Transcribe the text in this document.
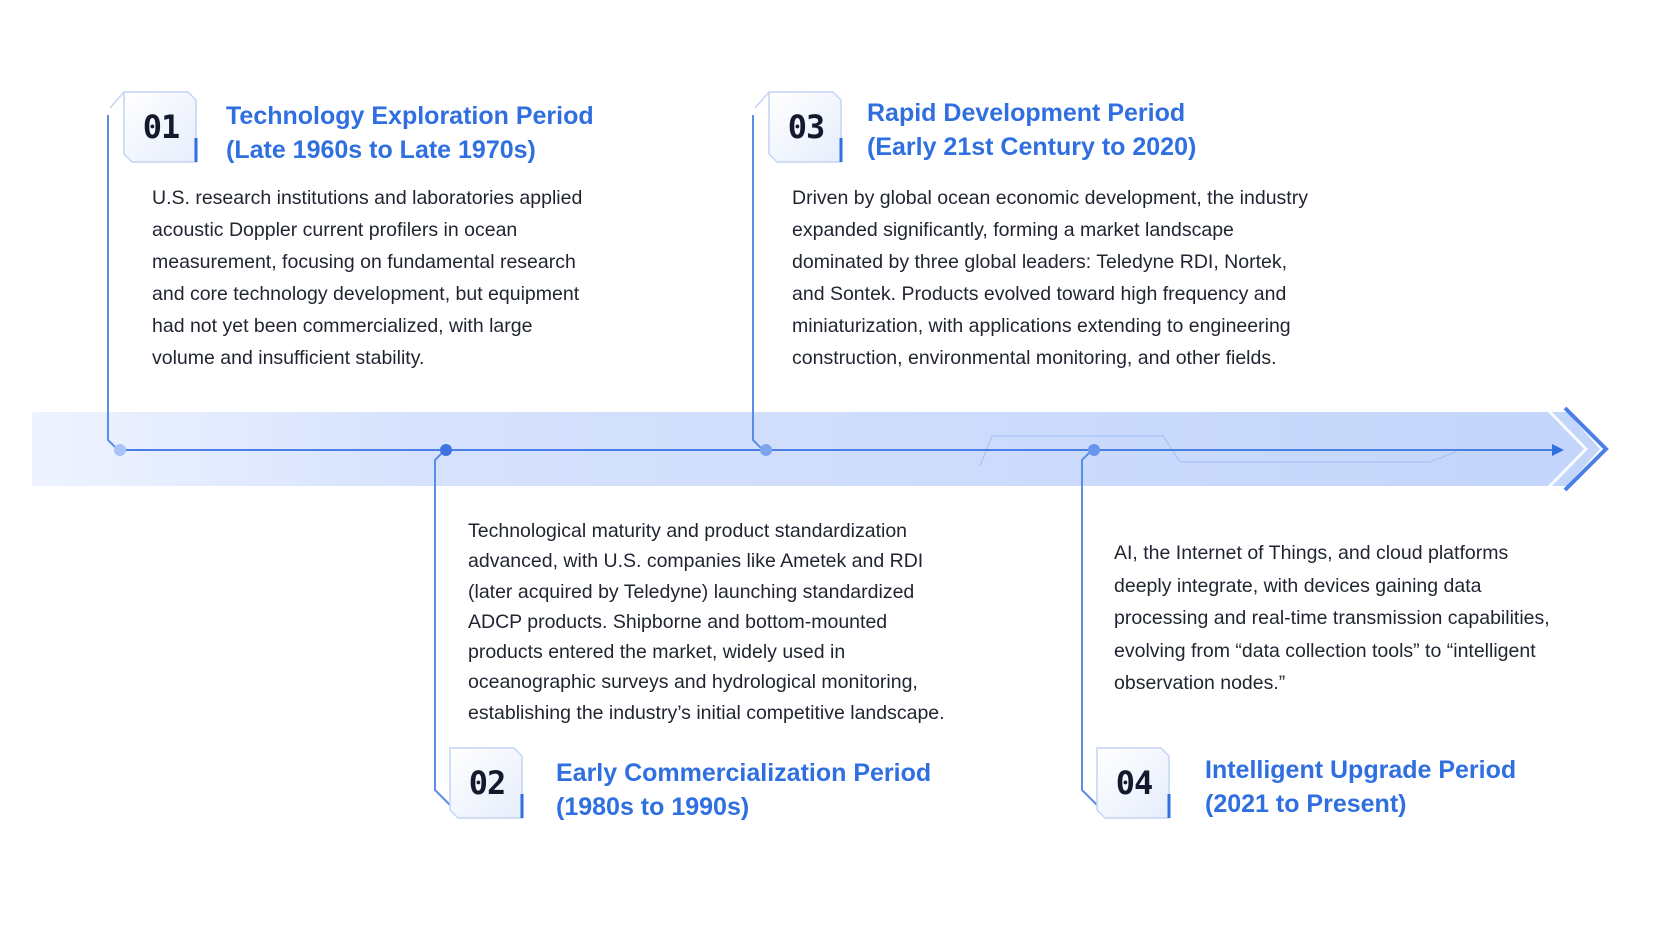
01	Technology Exploration Period
(Late 1960s to Late 1970s)
U.S. research institutions and laboratories applied
acoustic Doppler current profilers in ocean
measurement, focusing on fundamental research
and core technology development, but equipment
had not yet been commercialized, with large
volume and insufficient stability.
02	Early Commercialization Period
(1980s to 1990s)
Technological maturity and product standardization
advanced, with U.S. companies like Ametek and RDI
(later acquired by Teledyne) launching standardized
ADCP products. Shipborne and bottom-mounted
products entered the market, widely used in
oceanographic surveys and hydrological monitoring,
establishing the industry’s initial competitive landscape.
03	Rapid Development Period
(Early 21st Century to 2020)
Driven by global ocean economic development, the industry
expanded significantly, forming a market landscape
dominated by three global leaders: Teledyne RDI, Nortek,
and Sontek. Products evolved toward high frequency and
miniaturization, with applications extending to engineering
construction, environmental monitoring, and other fields.
04	Intelligent Upgrade Period
(2021 to Present)
AI, the Internet of Things, and cloud platforms
deeply integrate, with devices gaining data
processing and real-time transmission capabilities,
evolving from “data collection tools” to “intelligent
observation nodes.”
